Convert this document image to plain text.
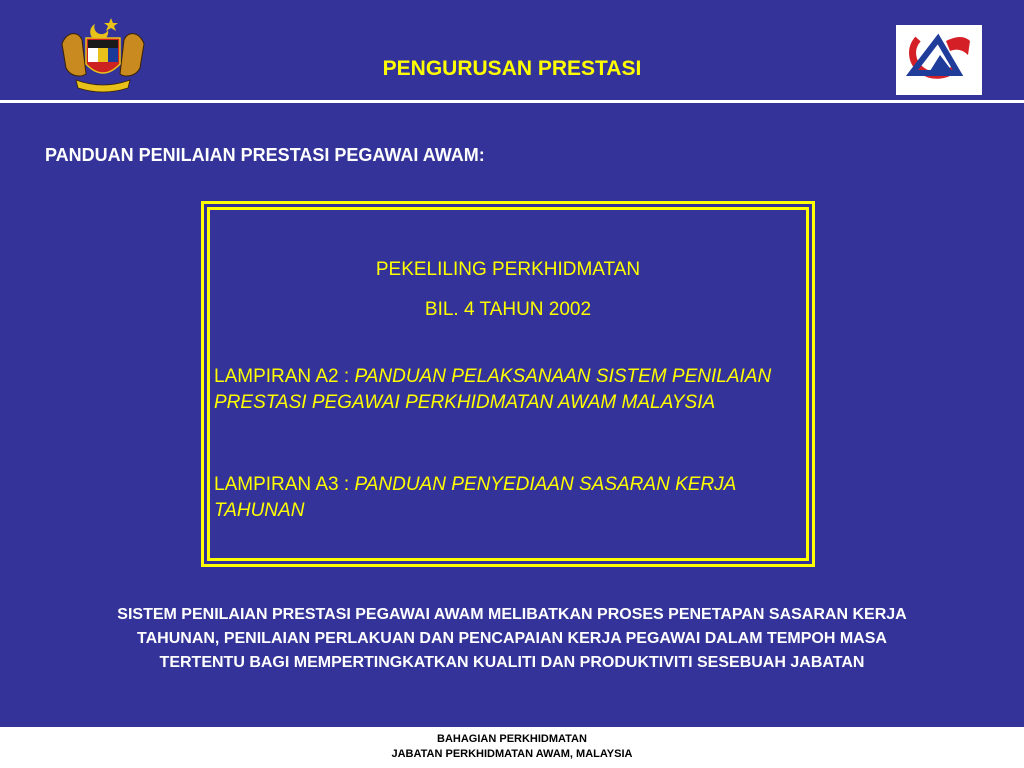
PENGURUSAN PRESTASI
PANDUAN PENILAIAN PRESTASI PEGAWAI AWAM:
PEKELILING PERKHIDMATAN
BIL. 4 TAHUN 2002
LAMPIRAN A2 : PANDUAN PELAKSANAAN SISTEM PENILAIAN PRESTASI PEGAWAI PERKHIDMATAN AWAM MALAYSIA
LAMPIRAN A3 : PANDUAN PENYEDIAAN SASARAN KERJA TAHUNAN
SISTEM PENILAIAN PRESTASI PEGAWAI AWAM MELIBATKAN PROSES PENETAPAN SASARAN KERJA TAHUNAN, PENILAIAN PERLAKUAN DAN PENCAPAIAN KERJA PEGAWAI DALAM TEMPOH MASA TERTENTU BAGI MEMPERTINGKATKAN KUALITI DAN PRODUKTIVITI SESEBUAH JABATAN
BAHAGIAN PERKHIDMATAN
JABATAN PERKHIDMATAN AWAM, MALAYSIA
